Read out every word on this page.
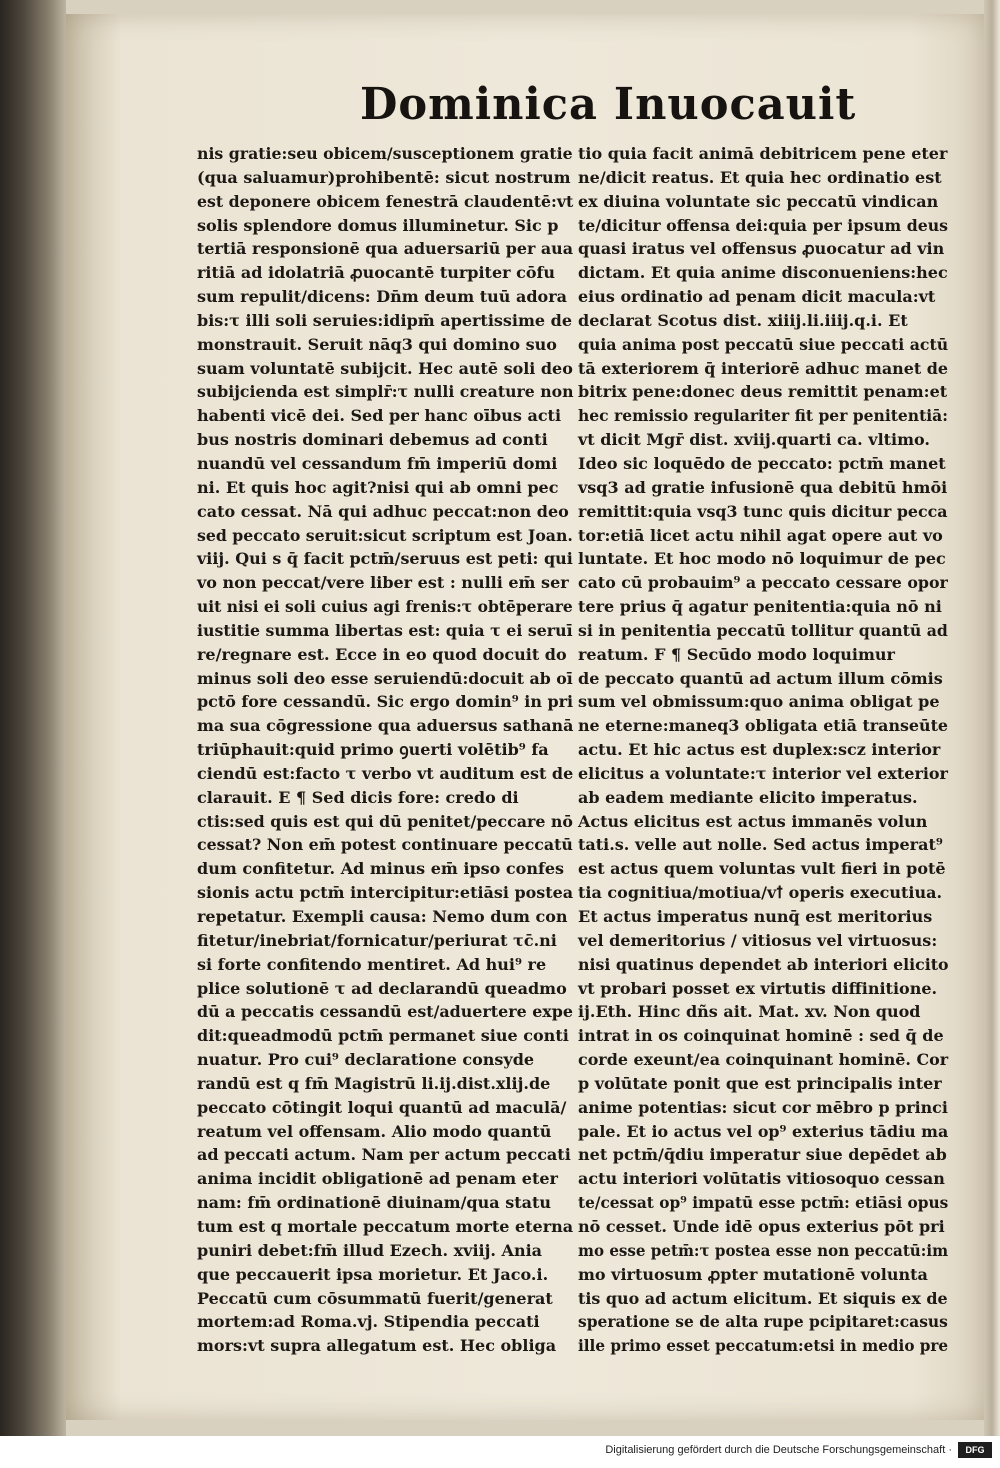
Dominica Inuocauit
nis gratie:seu obicem/susceptionem gratie
(qua saluamur)prohibentē: sicut nostrum
est deponere obicem fenestrā claudentē:vt
solis splendore domus illuminetur. Sic p
tertiā responsionē qua aduersariū per aua
ritiā ad idolatriā ꝓuocantē turpiter cōfu
sum repulit/dicens: Dn̄m deum tuū adora
bis:τ illi soli seruies:idipm̄ apertissime de
monstrauit. Seruit nāq3 qui domino suo
suam voluntatē subijcit. Hec autē soli deo
subijcienda est simplr̄:τ nulli creature non
habenti vicē dei. Sed per hanc oībus acti
bus nostris dominari debemus ad conti
nuandū vel cessandum fm̄ imperiū domi
ni. Et quis hoc agit?nisi qui ab omni pec
cato cessat. Nā qui adhuc peccat:non deo
sed peccato seruit:sicut scriptum est Joan.
viij. Qui s q̄ facit pctm̄/seruus est peti: qui
vo non peccat/vere liber est : nulli em̄ ser
uit nisi ei soli cuius agi frenis:τ obtēperare
iustitie summa libertas est: quia τ ei seruī
re/regnare est. Ecce in eo quod docuit do
minus soli deo esse seruiendū:docuit ab oī
pctō fore cessandū. Sic ergo domin⁹ in pri
ma sua cōgressione qua aduersus sathanā
triūphauit:quid primo ꝯuerti volētib⁹ fa
ciendū est:facto τ verbo vt auditum est de
clarauit. E ¶ Sed dicis fore: credo di
ctis:sed quis est qui dū penitet/peccare nō
cessat? Non em̄ potest continuare peccatū
dum confitetur. Ad minus em̄ ipso confes
sionis actu pctm̄ intercipitur:etiāsi postea
repetatur. Exempli causa: Nemo dum con
fitetur/inebriat/fornicatur/periurat τc̄.ni
si forte confitendo mentiret. Ad hui⁹ re
plice solutionē τ ad declarandū queadmo
dū a peccatis cessandū est/aduertere expe
dit:queadmodū pctm̄ permanet siue conti
nuatur. Pro cui⁹ declaratione consyde
randū est q fm̄ Magistrū li.ij.dist.xlij.de
peccato cōtingit loqui quantū ad maculā/
reatum vel offensam. Alio modo quantū
ad peccati actum. Nam per actum peccati
anima incidit obligationē ad penam eter
nam: fm̄ ordinationē diuinam/qua statu
tum est q mortale peccatum morte eterna
puniri debet:fm̄ illud Ezech. xviij. Ania
que peccauerit ipsa morietur. Et Jaco.i.
Peccatū cum cōsummatū fuerit/generat
mortem:ad Roma.vj. Stipendia peccati
mors:vt supra allegatum est. Hec obliga
tio quia facit animā debitricem pene eter
ne/dicit reatus. Et quia hec ordinatio est
ex diuina voluntate sic peccatū vindican
te/dicitur offensa dei:quia per ipsum deus
quasi iratus vel offensus ꝓuocatur ad vin
dictam. Et quia anime disconueniens:hec
eius ordinatio ad penam dicit macula:vt
declarat Scotus dist. xiiij.li.iiij.q.i. Et
quia anima post peccatū siue peccati actū
tā exteriorem q̄ interiorē adhuc manet de
bitrix pene:donec deus remittit penam:et
hec remissio regulariter fit per penitentiā:
vt dicit Mgr̄ dist. xviij.quarti ca. vltimo.
Ideo sic loquēdo de peccato: pctm̄ manet
vsq3 ad gratie infusionē qua debitū hmōi
remittit:quia vsq3 tunc quis dicitur pecca
tor:etiā licet actu nihil agat opere aut vo
luntate. Et hoc modo nō loquimur de pec
cato cū probauim⁹ a peccato cessare opor
tere prius q̄ agatur penitentia:quia nō ni
si in penitentia peccatū tollitur quantū ad
reatum. F ¶ Secūdo modo loquimur
de peccato quantū ad actum illum cōmis
sum vel obmissum:quo anima obligat pe
ne eterne:maneq3 obligata etiā transeūte
actu. Et hic actus est duplex:scz interior
elicitus a voluntate:τ interior vel exterior
ab eadem mediante elicito imperatus.
Actus elicitus est actus immanēs volun
tati.s. velle aut nolle. Sed actus imperat⁹
est actus quem voluntas vult fieri in potē
tia cognitiua/motiua/vꝉ operis executiua.
Et actus imperatus nunq̄ est meritorius
vel demeritorius / vitiosus vel virtuosus:
nisi quatinus dependet ab interiori elicito
vt probari posset ex virtutis diffinitione.
ij.Eth. Hinc dñs ait. Mat. xv. Non quod
intrat in os coinquinat hominē : sed q̄ de
corde exeunt/ea coinquinant hominē. Cor
p volūtate ponit que est principalis inter
anime potentias: sicut cor mēbro p princi
pale. Et io actus vel op⁹ exterius tādiu ma
net pctm̄/q̄diu imperatur siue depēdet ab
actu interiori volūtatis vitiosoquo cessan
te/cessat op⁹ impatū esse pctm̄: etiāsi opus
nō cesset. Unde idē opus exterius pōt pri
mo esse petm̄:τ postea esse non peccatū:im
mo virtuosum ꝓpter mutationē volunta
tis quo ad actum elicitum. Et siquis ex de
speratione se de alta rupe pcipitaret:casus
ille primo esset peccatum:etsi in medio pre
Digitalisierung gefördert durch die Deutsche Forschungsgemeinschaft ·	DFG
